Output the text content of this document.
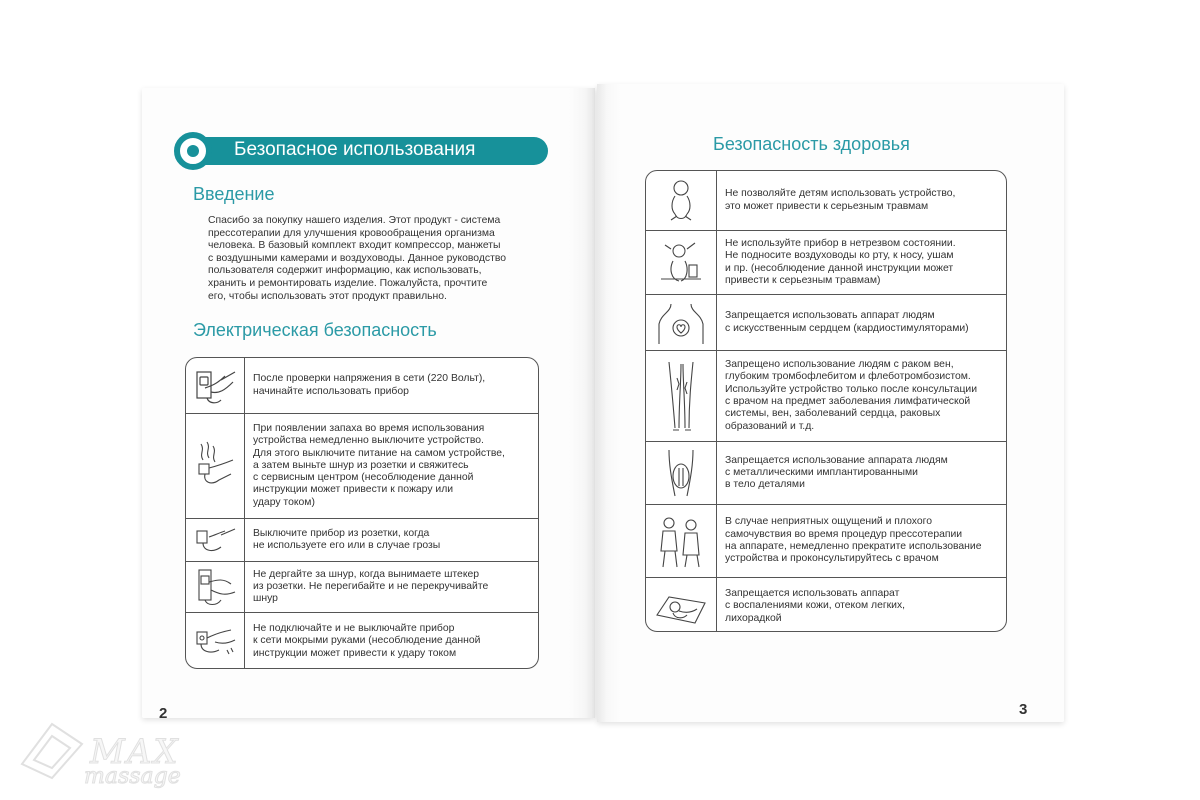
Безопасное использования
Введение
Спасибо за покупку нашего изделия. Этот продукт - система
прессотерапии для улучшения кровообращения организма
человека. В базовый комплект входит компрессор, манжеты
с воздушными камерами и воздуховоды. Данное руководство
пользователя содержит информацию, как использовать,
хранить и ремонтировать изделие. Пожалуйста, прочтите
его, чтобы использовать этот продукт правильно.
Электрическая безопасность
После проверки напряжения в сети (220 Вольт),
начинайте использовать прибор
При появлении запаха во время использования
устройства немедленно выключите устройство.
Для этого выключите питание на самом устройстве,
а затем выньте шнур из розетки и свяжитесь
с сервисным центром (несоблюдение данной
инструкции может привести к пожару или
удару током)
Выключите прибор из розетки, когда
не используете его или в случае грозы
Не дергайте за шнур, когда вынимаете штекер
из розетки. Не перегибайте и не перекручивайте
шнур
Не подключайте и не выключайте прибор
к сети мокрыми руками (несоблюдение данной
инструкции может привести к удару током
2
Безопасность здоровья
Не позволяйте детям использовать устройство,
это может привести к серьезным травмам
Не используйте прибор в нетрезвом состоянии.
Не подносите воздуховоды ко рту, к носу, ушам
и пр. (несоблюдение данной инструкции может
привести к серьезным травмам)
Запрещается использовать аппарат людям
с искусственным сердцем (кардиостимуляторами)
Запрещено использование людям с раком вен,
глубоким тромбофлебитом и флеботромбозистом.
Используйте устройство только после консультации
с врачом на предмет заболевания лимфатической
системы, вен, заболеваний сердца, раковых
образований и т.д.
Запрещается использование аппарата людям
с металлическими имплантированными
в тело деталями
В случае неприятных ощущений и плохого
самочувствия во время процедур прессотерапии
на аппарате, немедленно прекратите использование
устройства и проконсультируйтесь с врачом
Запрещается использовать аппарат
с воспалениями кожи, отеком легких,
лихорадкой
3
MAX
massage
